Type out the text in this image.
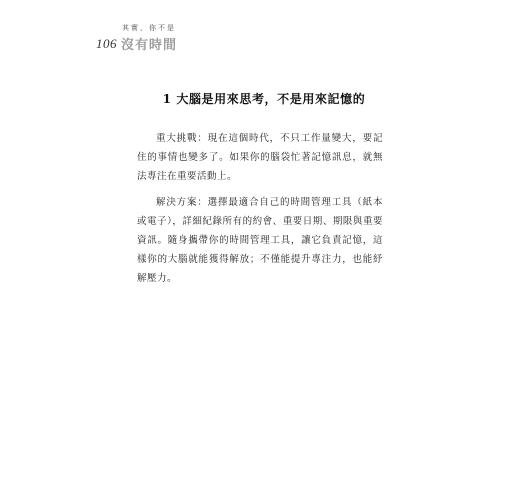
106
其實，你不是
沒有時間
1 大腦是用來思考，不是用來記憶的

重大挑戰：現在這個時代，不只工作量變大，要記住的事情也變多了。如果你的腦袋忙著記憶訊息，就無法專注在重要活動上。

解決方案：選擇最適合自己的時間管理工具（紙本或電子），詳細紀錄所有的約會、重要日期、期限與重要資訊。隨身攜帶你的時間管理工具，讓它負責記憶，這樣你的大腦就能獲得解放；不僅能提升專注力，也能紓解壓力。
